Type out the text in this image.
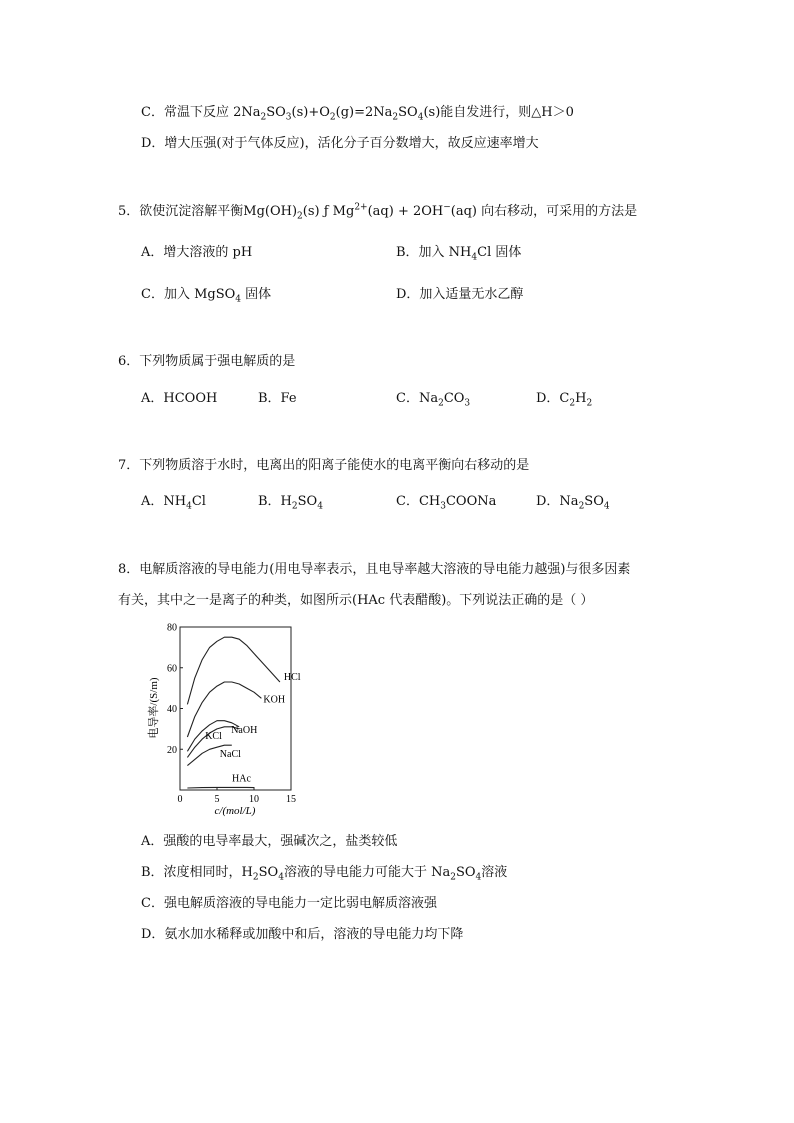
C．常温下反应 $2Na_2SO_3(s)+O_2(g)=2Na_2SO_4(s)$能自发进行，则△H＞0
D．增大压强(对于气体反应)，活化分子百分数增大，故反应速率增大
5．欲使沉淀溶解平衡$Mg(OH)_2(s)$ ƒ $Mg^{2+}(aq) + 2OH^-(aq)$ 向右移动，可采用的方法是
A．增大溶液的 pH	B．加入 $NH_4Cl$ 固体
C．加入 MgSO$_4$ 固体	D．加入适量无水乙醇
6．下列物质属于强电解质的是
A．HCOOH	B．Fe	C．$Na_2CO_3$	D．$C_2H_2$
7．下列物质溶于水时，电离出的阳离子能使水的电离平衡向右移动的是
A．$NH_4Cl$	B．$H_2SO_4$	C．$CH_3COONa$	D．$Na_2SO_4$
8．电解质溶液的导电能力(用电导率表示，且电导率越大溶液的导电能力越强)与很多因素
有关，其中之一是离子的种类，如图所示(HAc 代表醋酸)。下列说法正确的是（ ）
0	5	10	15
20
40
60
80
HCl
KOH
NaOH
KCl
NaCl
HAc
c/(mol/L)
电导率/(S/m)
A．强酸的电导率最大，强碱次之，盐类较低
B．浓度相同时，$H_2SO_4$溶液的导电能力可能大于 $Na_2SO_4$溶液
C．强电解质溶液的导电能力一定比弱电解质溶液强
D．氨水加水稀释或加酸中和后，溶液的导电能力均下降
